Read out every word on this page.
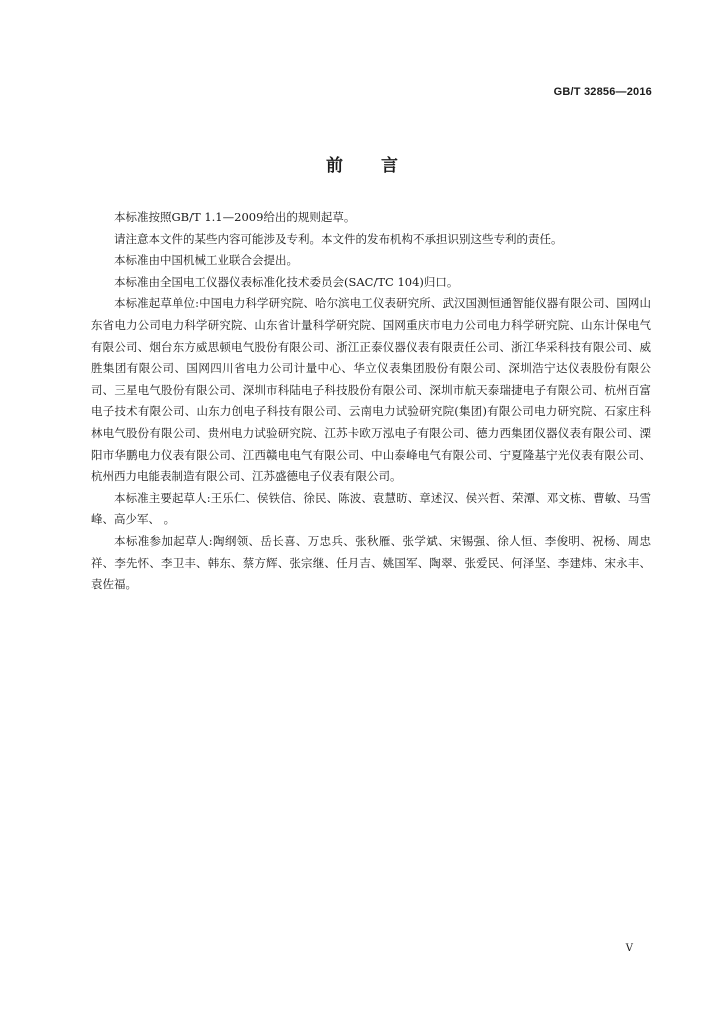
GB/T 32856—2016
前言

本标准按照GB/T 1.1—2009给出的规则起草。

请注意本文件的某些内容可能涉及专利。本文件的发布机构不承担识别这些专利的责任。

本标准由中国机械工业联合会提出。

本标准由全国电工仪器仪表标准化技术委员会(SAC/TC 104)归口。

本标准起草单位:中国电力科学研究院、哈尔滨电工仪表研究所、武汉国测恒通智能仪器有限公司、国网山东省电力公司电力科学研究院、山东省计量科学研究院、国网重庆市电力公司电力科学研究院、山东计保电气有限公司、烟台东方威思顿电气股份有限公司、浙江正泰仪器仪表有限责任公司、浙江华采科技有限公司、威胜集团有限公司、国网四川省电力公司计量中心、华立仪表集团股份有限公司、深圳浩宁达仪表股份有限公司、三星电气股份有限公司、深圳市科陆电子科技股份有限公司、深圳市航天泰瑞捷电子有限公司、杭州百富电子技术有限公司、山东力创电子科技有限公司、云南电力试验研究院(集团)有限公司电力研究院、石家庄科林电气股份有限公司、贵州电力试验研究院、江苏卡欧万泓电子有限公司、德力西集团仪器仪表有限公司、溧阳市华鹏电力仪表有限公司、江西赣电电气有限公司、中山泰峰电气有限公司、宁夏隆基宁光仪表有限公司、杭州西力电能表制造有限公司、江苏盛德电子仪表有限公司。

本标准主要起草人:王乐仁、侯铁信、徐民、陈波、袁慧昉、章述汉、侯兴哲、荣潭、邓文栋、曹敏、马雪峰、高少军、 。

本标准参加起草人:陶纲领、岳长喜、万忠兵、张秋雁、张学斌、宋锡强、徐人恒、李俊明、祝杨、周忠祥、李先怀、李卫丰、韩东、蔡方辉、张宗继、任月吉、姚国军、陶翠、张爱民、何泽坚、李建炜、宋永丰、袁佐福。

V
